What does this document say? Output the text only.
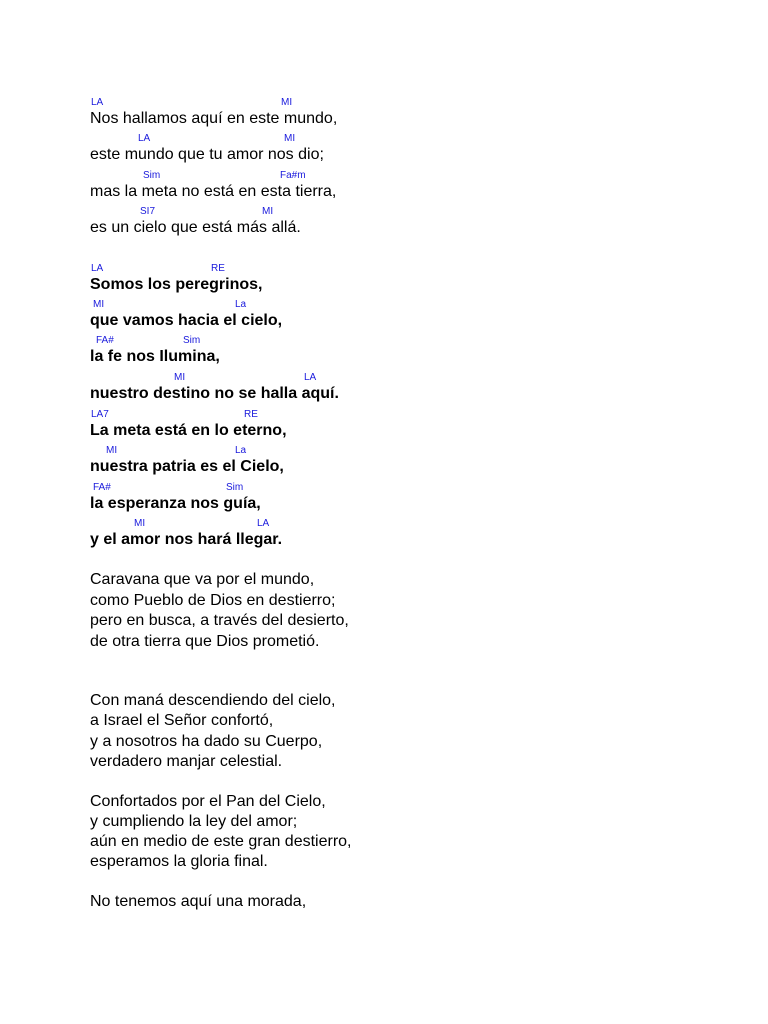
LA	MI
Nos hallamos aquí en este mundo,
LA	MI
este mundo que tu amor nos dio;
Sim	Fa#m
mas la meta no está en esta tierra,
SI7	MI
es un cielo que está más allá.
LA	RE
Somos los peregrinos,
MI	La
que vamos hacia el cielo,
FA#	Sim
la fe nos Ilumina,
MI	LA
nuestro destino no se halla aquí.
LA7	RE
La meta está en lo eterno,
MI	La
nuestra patria es el Cielo,
FA#	Sim
la esperanza nos guía,
MI	LA
y el amor nos hará llegar.
Caravana que va por el mundo,
como Pueblo de Dios en destierro;
pero en busca, a través del desierto,
de otra tierra que Dios prometió.
Con maná descendiendo del cielo,
a Israel el Señor confortó,
y a nosotros ha dado su Cuerpo,
verdadero manjar celestial.
Confortados por el Pan del Cielo,
y cumpliendo la ley del amor;
aún en medio de este gran destierro,
esperamos la gloria final.
No tenemos aquí una morada,
